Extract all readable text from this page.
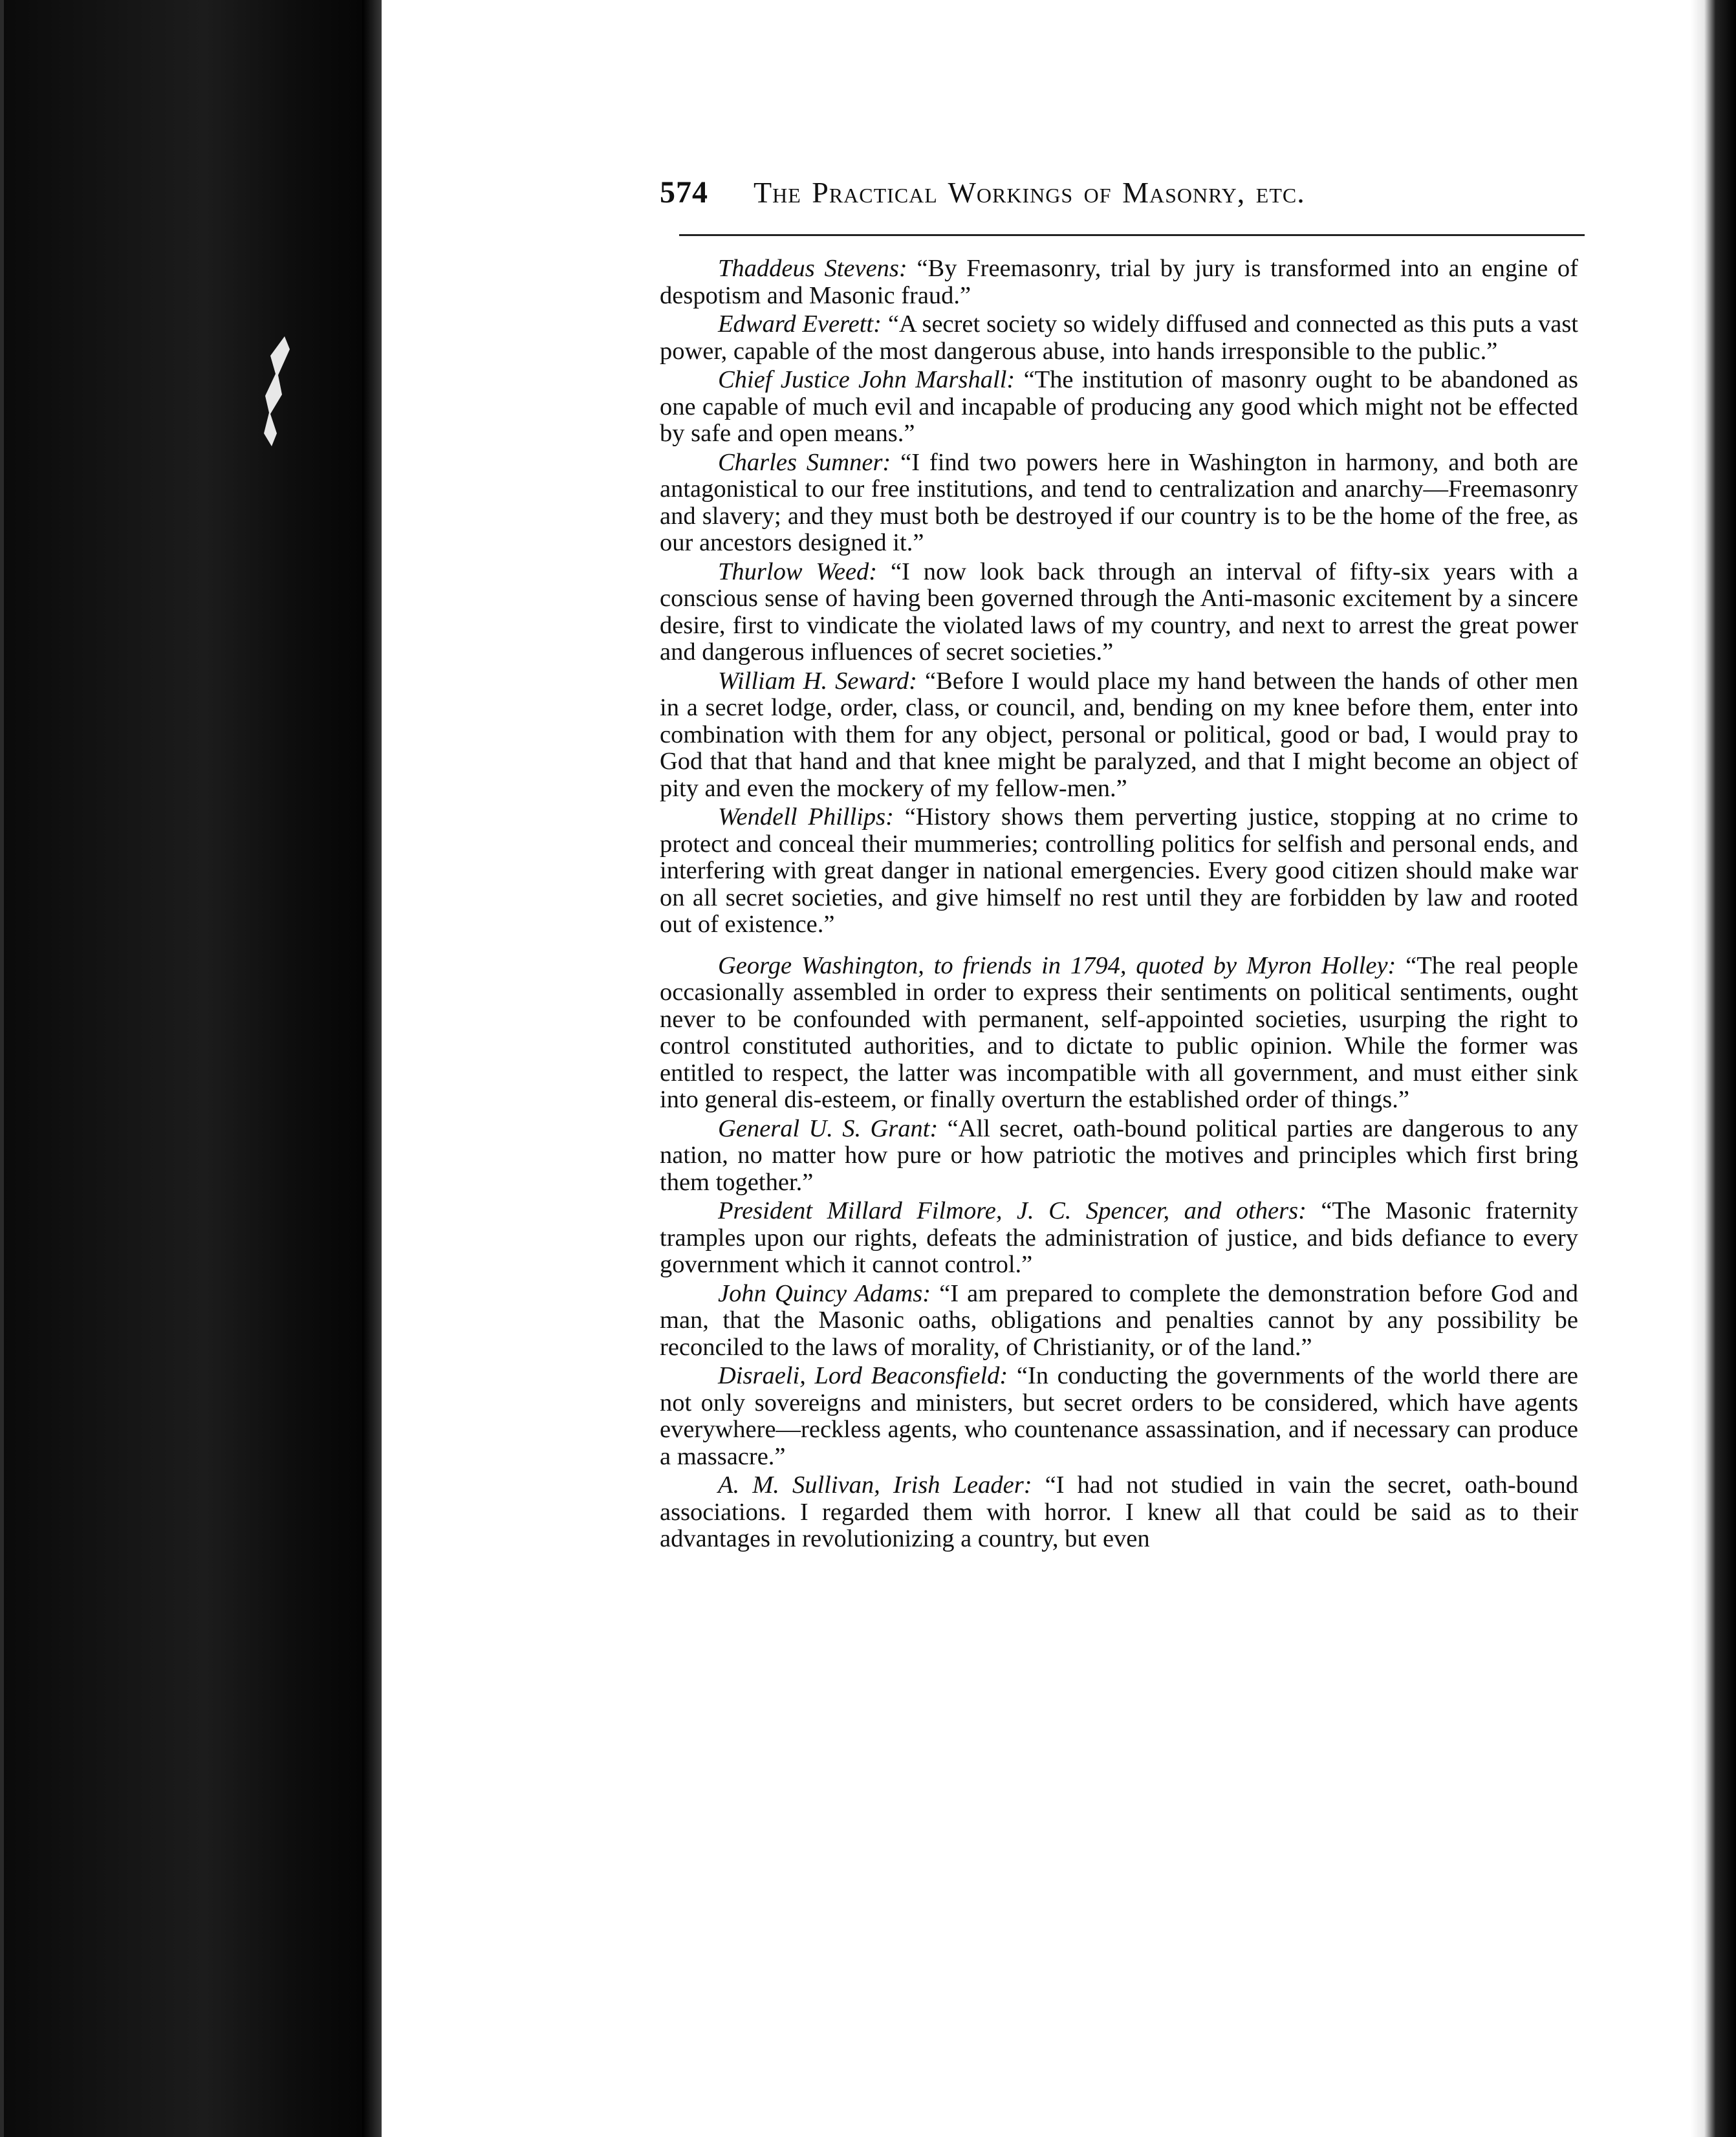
574 The Practical Workings of Masonry, etc.

Thaddeus Stevens: “By Freemasonry, trial by jury is transformed into an engine of despotism and Masonic fraud.”

Edward Everett: “A secret society so widely diffused and connected as this puts a vast power, capable of the most dangerous abuse, into hands irresponsible to the public.”

Chief Justice John Marshall: “The institution of masonry ought to be abandoned as one capable of much evil and incapable of producing any good which might not be effected by safe and open means.”

Charles Sumner: “I find two powers here in Washington in harmony, and both are antagonistical to our free institutions, and tend to centralization and anarchy—Freemasonry and slavery; and they must both be destroyed if our country is to be the home of the free, as our ancestors designed it.”

Thurlow Weed: “I now look back through an interval of fifty-six years with a conscious sense of having been governed through the Anti-masonic excitement by a sincere desire, first to vindicate the violated laws of my country, and next to arrest the great power and dangerous influences of secret societies.”

William H. Seward: “Before I would place my hand between the hands of other men in a secret lodge, order, class, or council, and, bending on my knee before them, enter into combination with them for any object, personal or political, good or bad, I would pray to God that that hand and that knee might be paralyzed, and that I might become an object of pity and even the mockery of my fellow-men.”

Wendell Phillips: “History shows them perverting justice, stopping at no crime to protect and conceal their mummeries; controlling politics for selfish and personal ends, and interfering with great danger in national emergencies. Every good citizen should make war on all secret societies, and give himself no rest until they are forbidden by law and rooted out of existence.”

George Washington, to friends in 1794, quoted by Myron Holley: “The real people occasionally assembled in order to express their sentiments on political sentiments, ought never to be confounded with permanent, self-appointed societies, usurping the right to control constituted authorities, and to dictate to public opinion. While the former was entitled to respect, the latter was incompatible with all government, and must either sink into general dis-esteem, or finally overturn the established order of things.”

General U. S. Grant: “All secret, oath-bound political parties are dangerous to any nation, no matter how pure or how patriotic the motives and principles which first bring them together.”

President Millard Filmore, J. C. Spencer, and others: “The Masonic fraternity tramples upon our rights, defeats the administration of justice, and bids defiance to every government which it cannot control.”

John Quincy Adams: “I am prepared to complete the demonstration before God and man, that the Masonic oaths, obligations and penalties cannot by any possibility be reconciled to the laws of morality, of Christianity, or of the land.”

Disraeli, Lord Beaconsfield: “In conducting the governments of the world there are not only sovereigns and ministers, but secret orders to be considered, which have agents everywhere—reckless agents, who countenance assassination, and if necessary can produce a massacre.”

A. M. Sullivan, Irish Leader: “I had not studied in vain the secret, oath-bound associations. I regarded them with horror. I knew all that could be said as to their advantages in revolutionizing a country, but even
